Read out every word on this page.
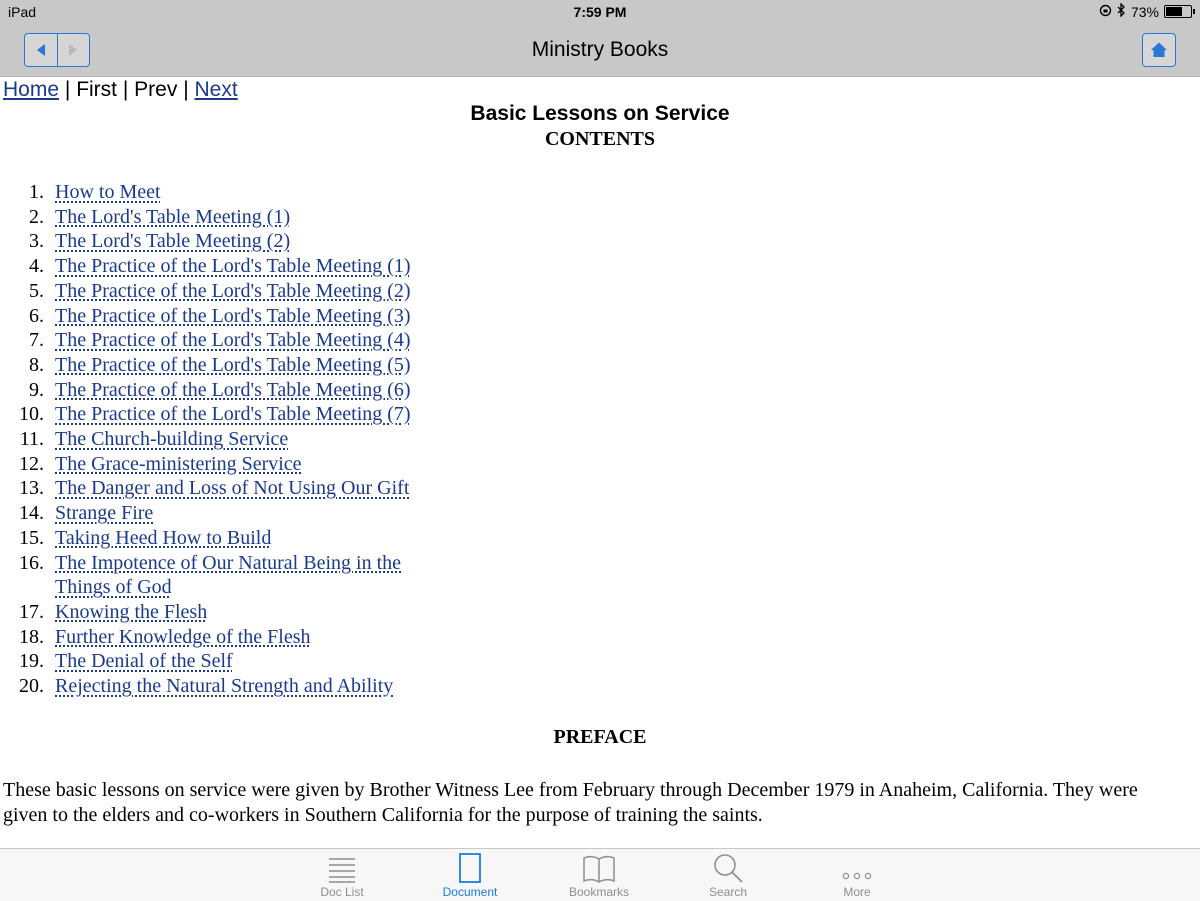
iPad	7:59 PM	73%
Ministry Books
Home | First | Prev | Next
Basic Lessons on Service
CONTENTS
1. How to Meet
2. The Lord's Table Meeting (1)
3. The Lord's Table Meeting (2)
4. The Practice of the Lord's Table Meeting (1)
5. The Practice of the Lord's Table Meeting (2)
6. The Practice of the Lord's Table Meeting (3)
7. The Practice of the Lord's Table Meeting (4)
8. The Practice of the Lord's Table Meeting (5)
9. The Practice of the Lord's Table Meeting (6)
10. The Practice of the Lord's Table Meeting (7)
11. The Church-building Service
12. The Grace-ministering Service
13. The Danger and Loss of Not Using Our Gift
14. Strange Fire
15. Taking Heed How to Build
16. The Impotence of Our Natural Being in the Things of God
17. Knowing the Flesh
18. Further Knowledge of the Flesh
19. The Denial of the Self
20. Rejecting the Natural Strength and Ability
PREFACE

These basic lessons on service were given by Brother Witness Lee from February through December 1979 in Anaheim, California. They were given to the elders and co-workers in Southern California for the purpose of training the saints.

Doc List	Document	Bookmarks	Search	More
